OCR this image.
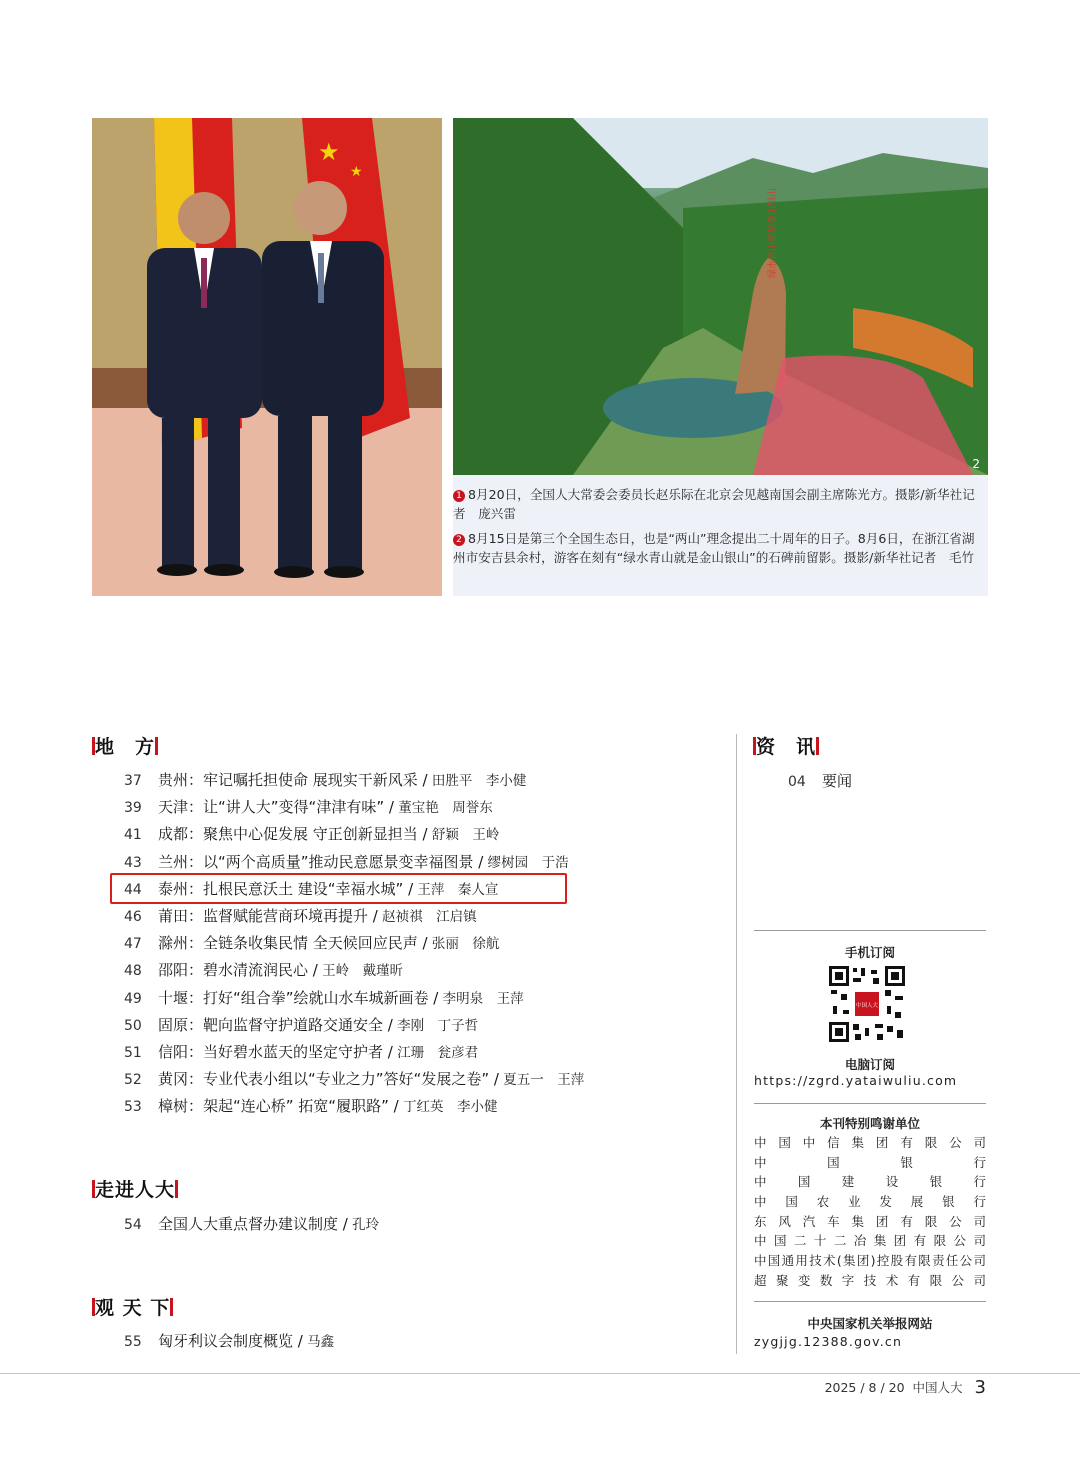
★
★
绿水青山就是金山银山
2

1 8月20日，全国人大常委会委员长赵乐际在北京会见越南国会副主席陈光方。摄影/新华社记者　庞兴雷

2 8月15日是第三个全国生态日，也是“两山”理念提出二十周年的日子。8月6日，在浙江省湖州市安吉县余村，游客在刻有“绿水青山就是金山银山”的石碑前留影。摄影/新华社记者　毛竹

地　方
37 贵州：牢记嘱托担使命 展现实干新风采 / 田胜平　李小健
39 天津：让“讲人大”变得“津津有味” / 董宝艳　周誉东
41 成都：聚焦中心促发展 守正创新显担当 / 舒颖　王岭
43 兰州：以“两个高质量”推动民意愿景变幸福图景 / 缪树园　于浩
44 泰州：扎根民意沃土 建设“幸福水城” / 王萍　秦人宣
46 莆田：监督赋能营商环境再提升 / 赵祯祺　江启镇
47 滁州：全链条收集民情 全天候回应民声 / 张丽　徐航
48 邵阳：碧水清流润民心 / 王岭　戴瑾昕
49 十堰：打好“组合拳”绘就山水车城新画卷 / 李明泉　王萍
50 固原：靶向监督守护道路交通安全 / 李刚　丁子哲
51 信阳：当好碧水蓝天的坚定守护者 / 江珊　瓮彦君
52 黄冈：专业代表小组以“专业之力”答好“发展之卷” / 夏五一　王萍
53 樟树：架起“连心桥” 拓宽“履职路” / 丁红英　李小健
走进人大
54 全国人大重点督办建议制度 / 孔玲
观 天 下
55 匈牙利议会制度概览 / 马鑫
资　讯
04 要闻
手机订阅
中国人大
电脑订阅
https://zgrd.yataiwuliu.com
本刊特别鸣谢单位
中国中信集团有限公司
中国银行
中国建设银行
中国农业发展银行
东风汽车集团有限公司
中国二十二冶集团有限公司
中国通用技术(集团)控股有限责任公司
超聚变数字技术有限公司
中央国家机关举报网站
zygjjg.12388.gov.cn
2025 / 8 / 20 中国人大 3
